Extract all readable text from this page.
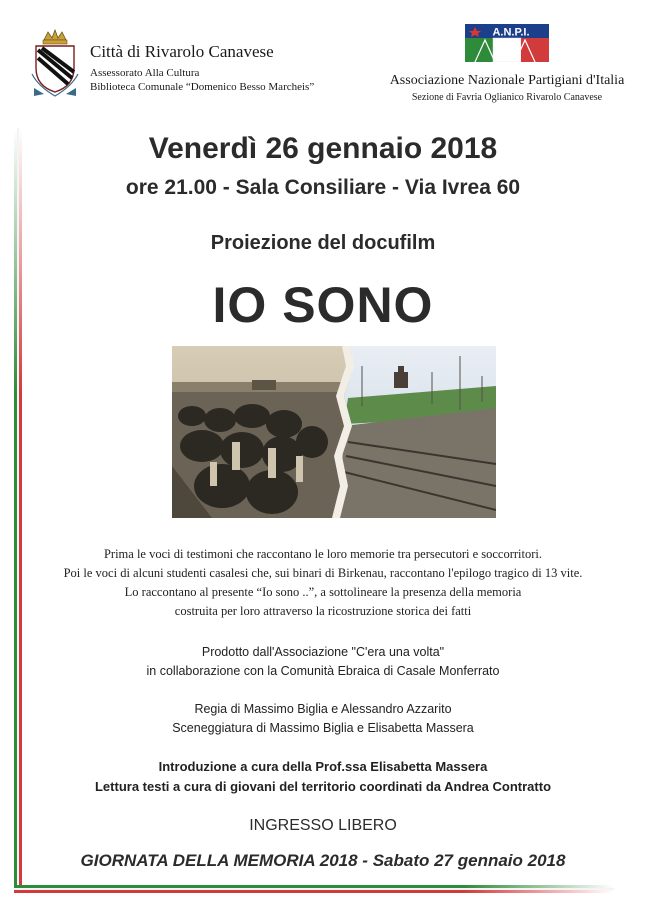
Città di Rivarolo Canavese
Assessorato Alla Cultura
Biblioteca Comunale “Domenico Besso Marcheis”
A.N.P.I.
Associazione Nazionale Partigiani d'Italia
Sezione di Favria Oglianico Rivarolo Canavese
Venerdì 26 gennaio 2018
ore 21.00 - Sala Consiliare - Via Ivrea 60
Proiezione del docufilm
IO SONO
Prima le voci di testimoni che raccontano le loro memorie tra persecutori e soccorritori.
Poi le voci di alcuni studenti casalesi che, sui binari di Birkenau, raccontano l'epilogo tragico di 13 vite.
Lo raccontano al presente “Io sono ..”, a sottolineare la presenza della memoria
costruita per loro attraverso la ricostruzione storica dei fatti
Prodotto dall'Associazione "C'era una volta"
in collaborazione con la Comunità Ebraica di Casale Monferrato
Regia di Massimo Biglia e Alessandro Azzarito
Sceneggiatura di Massimo Biglia e Elisabetta Massera
Introduzione a cura della Prof.ssa Elisabetta Massera
Lettura testi a cura di giovani del territorio coordinati da Andrea Contratto
INGRESSO LIBERO
GIORNATA DELLA MEMORIA 2018 - Sabato 27 gennaio 2018
